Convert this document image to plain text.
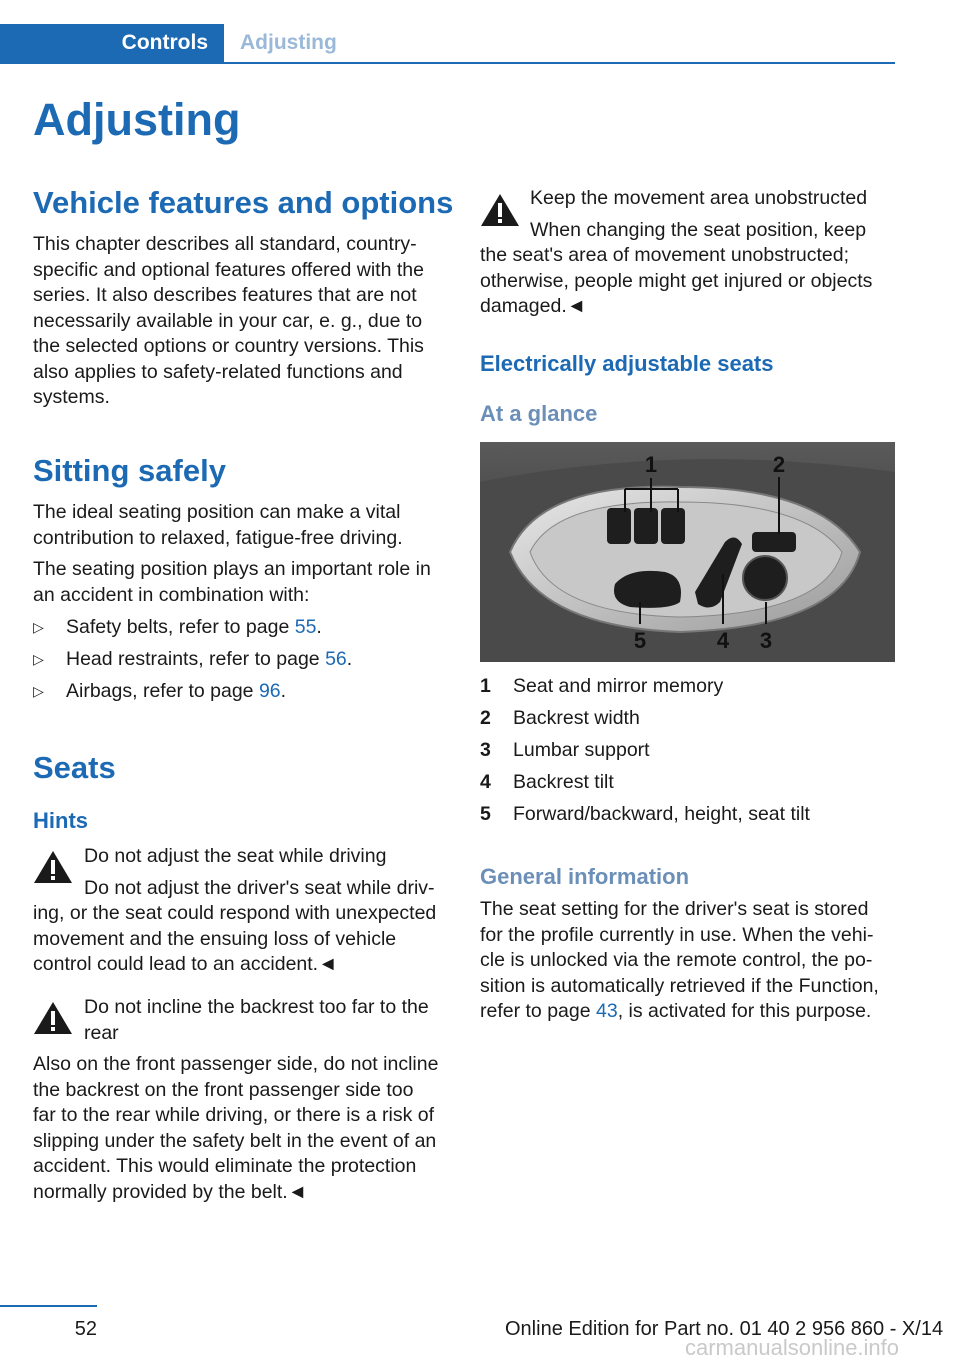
Controls	Adjusting
Adjusting
Vehicle features and options
This chapter describes all standard, country-
specific and optional features offered with the
series. It also describes features that are not
necessarily available in your car, e. g., due to
the selected options or country versions. This
also applies to safety-related functions and
systems.
Sitting safely
The ideal seating position can make a vital
contribution to relaxed, fatigue-free driving.
The seating position plays an important role in
an accident in combination with:
▷ Safety belts, refer to page 55.
▷ Head restraints, refer to page 56.
▷ Airbags, refer to page 96.
Seats
Hints
Do not adjust the seat while driving
Do not adjust the driver's seat while driv-
ing, or the seat could respond with unexpected
movement and the ensuing loss of vehicle
control could lead to an accident.◄
Do not incline the backrest too far to the
rear
Also on the front passenger side, do not incline
the backrest on the front passenger side too
far to the rear while driving, or there is a risk of
slipping under the safety belt in the event of an
accident. This would eliminate the protection
normally provided by the belt.◄
Keep the movement area unobstructed
When changing the seat position, keep
the seat's area of movement unobstructed;
otherwise, people might get injured or objects
damaged.◄
Electrically adjustable seats
At a glance
1	2
5	4 3
1 Seat and mirror memory
2 Backrest width
3 Lumbar support
4 Backrest tilt
5 Forward/backward, height, seat tilt
General information
The seat setting for the driver's seat is stored
for the profile currently in use. When the vehi-
cle is unlocked via the remote control, the po-
sition is automatically retrieved if the Function,
refer to page 43, is activated for this purpose.
52	Online Edition for Part no. 01 40 2 956 860 - X/14
carmanualsonline.info
